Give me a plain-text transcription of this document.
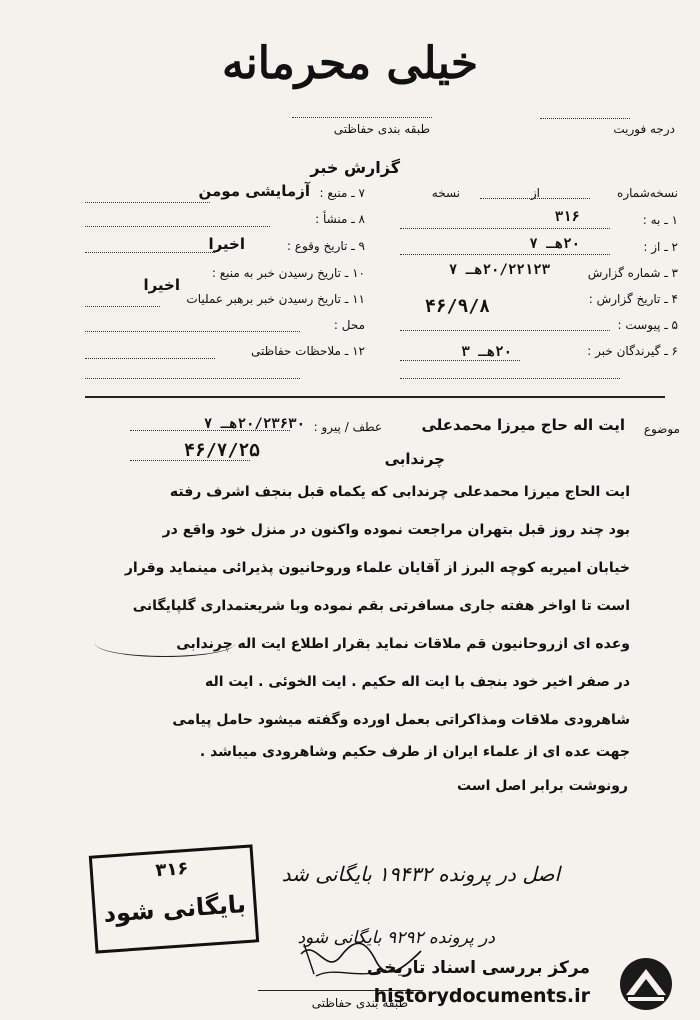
خیلی محرمانه
درجه فوریت
طبقه بندی حفاظتی
گزارش خبر
نسخه‌شماره
از
نسخه
۱ ـ به :
۳۱۶
۲ ـ از :
۲۰هـ ۷
۳ ـ شماره گزارش
۲۰/۲۲۱۲۳هـ ۷
۴ ـ تاریخ گزارش :
۴۶/۹/۸
۵ ـ پیوست :
۶ ـ گیرندگان خبر :
۲۰هـ ۳
۷ ـ منبع :
آزمایشی مومن
۸ ـ منشأ :
۹ ـ تاریخ وقوع :
اخیرا
۱۰ ـ تاریخ رسیدن خبر به منبع :
اخیرا
۱۱ ـ تاریخ رسیدن خبر برهبر عملیات
محل :
۱۲ ـ ملاحظات حفاظتی
موضوع
ایت اله حاج میرزا محمدعلی
چرندابی
عطف / پیرو :
۲۰/۲۳۶۳۰هـ ۷
۴۶/۷/۲۵
ایت الحاج میرزا محمدعلی چرندابی که یکماه قبل بنجف اشرف رفته
بود چند روز قبل بتهران مراجعت نموده واکنون در منزل خود واقع در
خیابان امیریه کوچه البرز از آقایان علماء وروحانیون پذیرائی مینماید وقرار
است تا اواخر هفته جاری مسافرتی بقم نموده وبا شریعتمداری گلپایگانی
وعده ای ازروحانیون قم ملاقات نماید بقرار اطلاع ایت اله چرندابی
در صفر اخیر خود بنجف با ایت اله حکیم . ایت الخوئی . ایت اله
شاهرودی ملاقات ومذاکراتی بعمل اورده وگفته میشود حامل پیامی
جهت عده ای از علماء ایران از طرف حکیم وشاهرودی میباشد .
رونوشت برابر اصل است
اصل در پرونده ۱۹۴۳۲ بایگانی شد
در پرونده ۹۲۹۲ بایگانی شود
۳۱۶
بایگانی شود
طبقه بندی حفاظتی
مرکز بررسی اسناد تاریخی
historydocuments.ir
